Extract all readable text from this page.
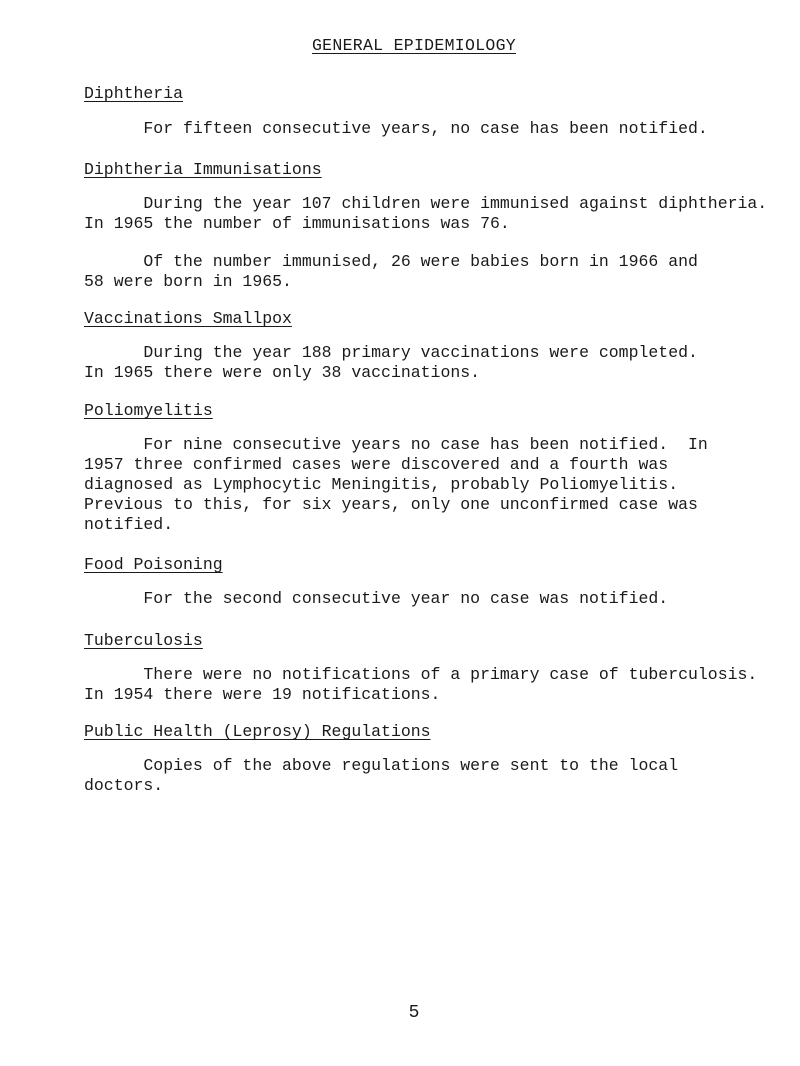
GENERAL EPIDEMIOLOGY
Diphtheria
For fifteen consecutive years, no case has been notified.
Diphtheria Immunisations
During the year 107 children were immunised against diphtheria.
In 1965 the number of immunisations was 76.
Of the number immunised, 26 were babies born in 1966 and
58 were born in 1965.
Vaccinations Smallpox
During the year 188 primary vaccinations were completed.
In 1965 there were only 38 vaccinations.
Poliomyelitis
For nine consecutive years no case has been notified.  In
1957 three confirmed cases were discovered and a fourth was
diagnosed as Lymphocytic Meningitis, probably Poliomyelitis.
Previous to this, for six years, only one unconfirmed case was
notified.
Food Poisoning
For the second consecutive year no case was notified.
Tuberculosis
There were no notifications of a primary case of tuberculosis.
In 1954 there were 19 notifications.
Public Health (Leprosy) Regulations
Copies of the above regulations were sent to the local
doctors.
5
